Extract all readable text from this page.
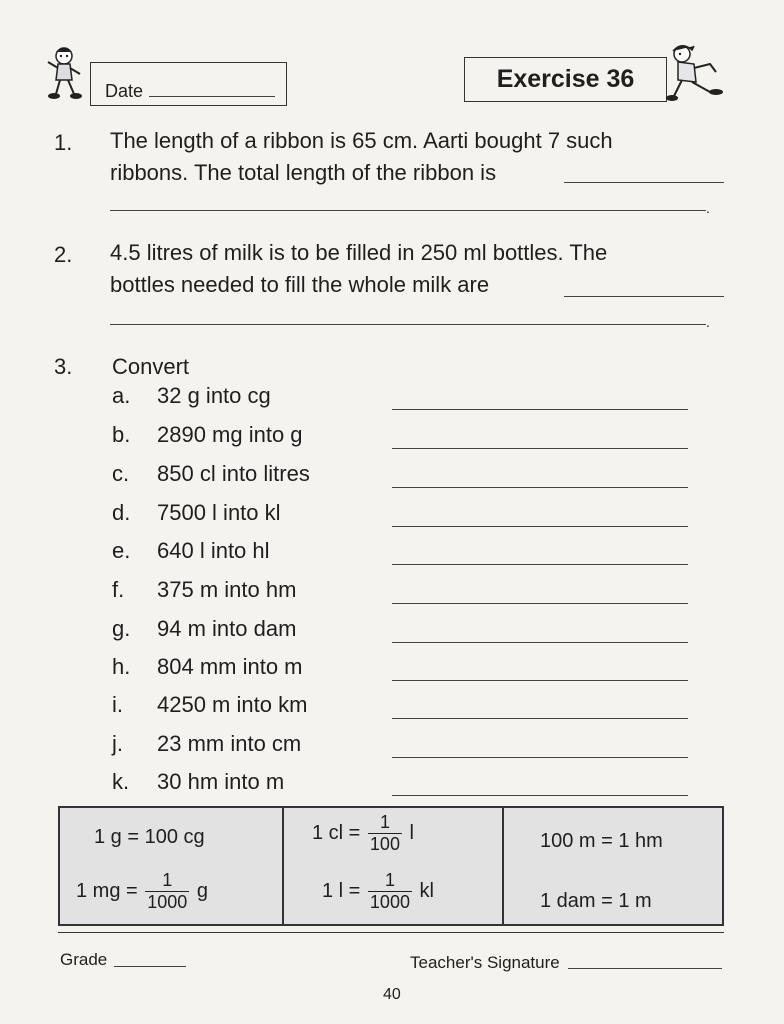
Date	Exercise 36
1. The length of a ribbon is 65 cm. Aarti bought 7 such
ribbons. The total length of the ribbon is
.
2. 4.5 litres of milk is to be filled in 250 ml bottles. The
bottles needed to fill the whole milk are
.
3. Convert
a. 32 g into cg
b. 2890 mg into g
c. 850 cl into litres
d. 7500 l into kl
e. 640 l into hl
f. 375 m into hm
g. 94 m into dam
h. 804 mm into m
i. 4250 m into km
j. 23 mm into cm
k. 30 hm into m
1 g = 100 cg
1 mg = $\frac{1}{1000}$ g
1 cl = $\frac{1}{100}$ l
1 $l = \frac{1}{1000}$ kl
100 m = 1 hm
1 dam = 1 m
Grade	Teacher's Signature
40
